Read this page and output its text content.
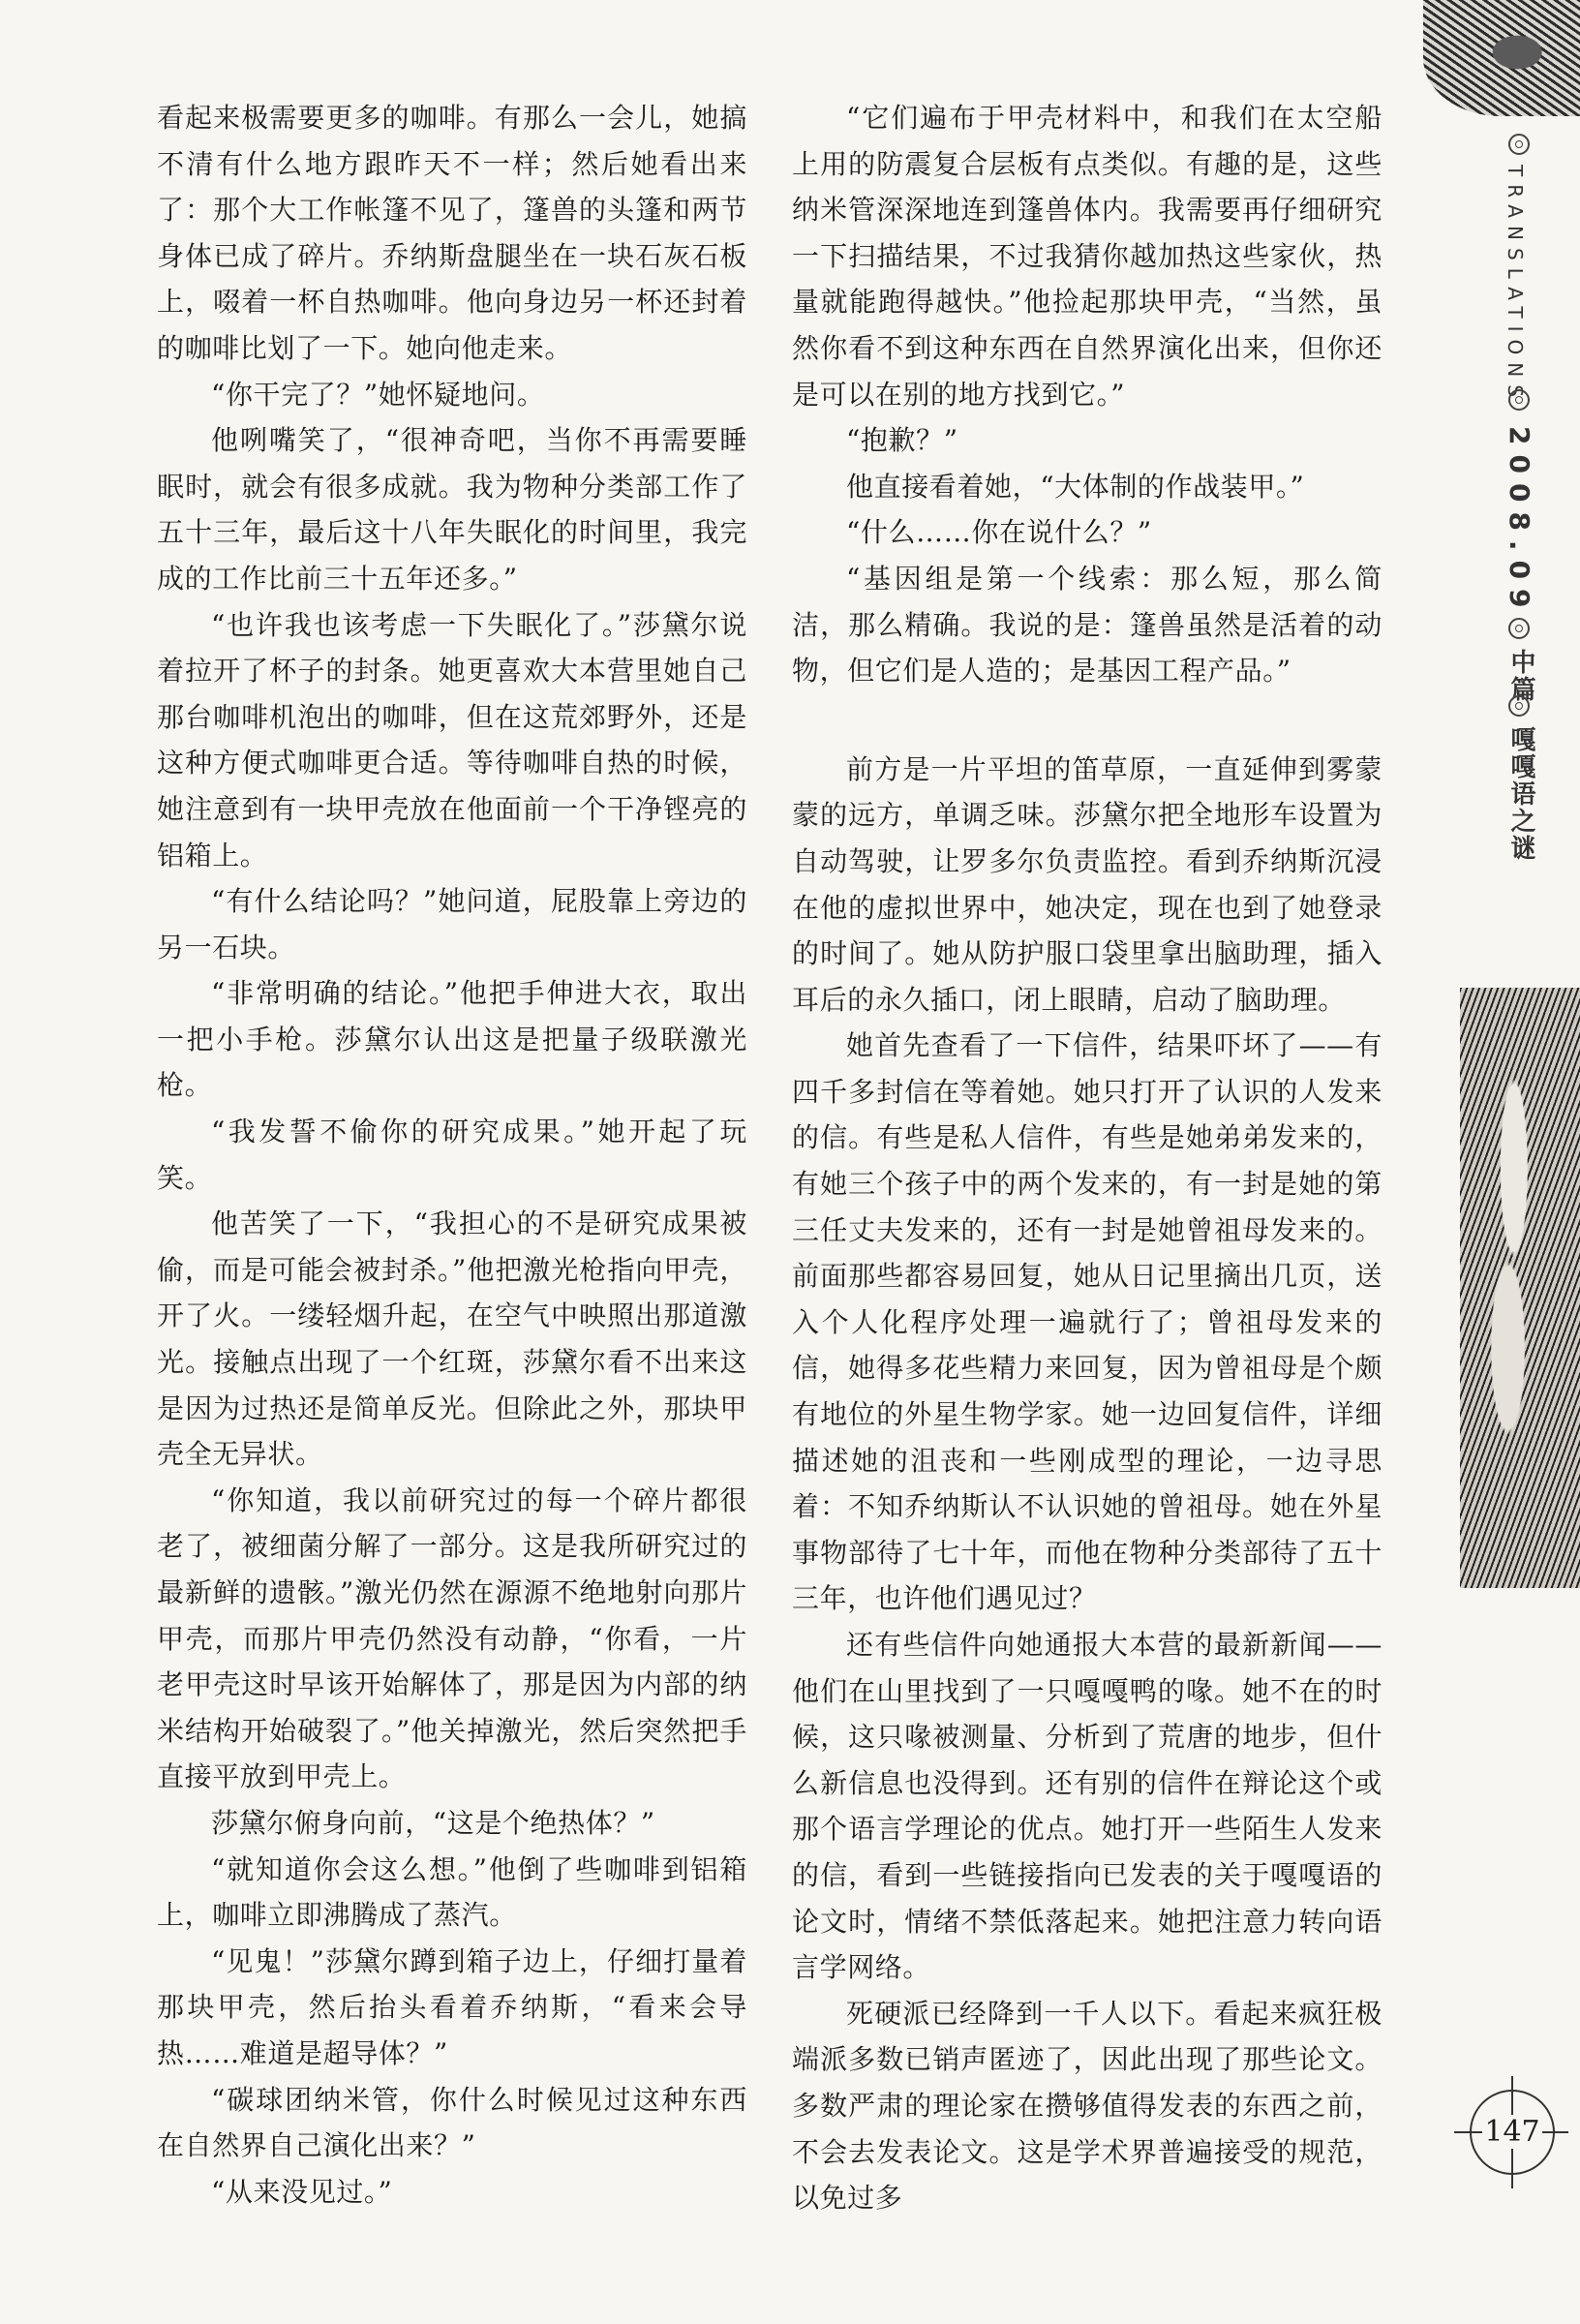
看起来极需要更多的咖啡。有那么一会儿，她搞不清有什么地方跟昨天不一样；然后她看出来了：那个大工作帐篷不见了，篷兽的头篷和两节身体已成了碎片。乔纳斯盘腿坐在一块石灰石板上，啜着一杯自热咖啡。他向身边另一杯还封着的咖啡比划了一下。她向他走来。

“你干完了？”她怀疑地问。

他咧嘴笑了，“很神奇吧，当你不再需要睡眠时，就会有很多成就。我为物种分类部工作了五十三年，最后这十八年失眠化的时间里，我完成的工作比前三十五年还多。”

“也许我也该考虑一下失眠化了。”莎黛尔说着拉开了杯子的封条。她更喜欢大本营里她自己那台咖啡机泡出的咖啡，但在这荒郊野外，还是这种方便式咖啡更合适。等待咖啡自热的时候，她注意到有一块甲壳放在他面前一个干净铿亮的铝箱上。

“有什么结论吗？”她问道，屁股靠上旁边的另一石块。

“非常明确的结论。”他把手伸进大衣，取出一把小手枪。莎黛尔认出这是把量子级联激光枪。

“我发誓不偷你的研究成果。”她开起了玩笑。

他苦笑了一下，“我担心的不是研究成果被偷，而是可能会被封杀。”他把激光枪指向甲壳，开了火。一缕轻烟升起，在空气中映照出那道激光。接触点出现了一个红斑，莎黛尔看不出来这是因为过热还是简单反光。但除此之外，那块甲壳全无异状。

“你知道，我以前研究过的每一个碎片都很老了，被细菌分解了一部分。这是我所研究过的最新鲜的遗骸。”激光仍然在源源不绝地射向那片甲壳，而那片甲壳仍然没有动静，“你看，一片老甲壳这时早该开始解体了，那是因为内部的纳米结构开始破裂了。”他关掉激光，然后突然把手直接平放到甲壳上。

莎黛尔俯身向前，“这是个绝热体？”

“就知道你会这么想。”他倒了些咖啡到铝箱上，咖啡立即沸腾成了蒸汽。

“见鬼！”莎黛尔蹲到箱子边上，仔细打量着那块甲壳，然后抬头看着乔纳斯，“看来会导热……难道是超导体？”

“碳球团纳米管，你什么时候见过这种东西在自然界自己演化出来？”

“从来没见过。”

“它们遍布于甲壳材料中，和我们在太空船上用的防震复合层板有点类似。有趣的是，这些纳米管深深地连到篷兽体内。我需要再仔细研究一下扫描结果，不过我猜你越加热这些家伙，热量就能跑得越快。”他捡起那块甲壳，“当然，虽然你看不到这种东西在自然界演化出来，但你还是可以在别的地方找到它。”

“抱歉？”

他直接看着她，“大体制的作战装甲。”

“什么……你在说什么？”

“基因组是第一个线索：那么短，那么简洁，那么精确。我说的是：篷兽虽然是活着的动物，但它们是人造的；是基因工程产品。”

前方是一片平坦的笛草原，一直延伸到雾蒙蒙的远方，单调乏味。莎黛尔把全地形车设置为自动驾驶，让罗多尔负责监控。看到乔纳斯沉浸在他的虚拟世界中，她决定，现在也到了她登录的时间了。她从防护服口袋里拿出脑助理，插入耳后的永久插口，闭上眼睛，启动了脑助理。

她首先查看了一下信件，结果吓坏了——有四千多封信在等着她。她只打开了认识的人发来的信。有些是私人信件，有些是她弟弟发来的，有她三个孩子中的两个发来的，有一封是她的第三任丈夫发来的，还有一封是她曾祖母发来的。前面那些都容易回复，她从日记里摘出几页，送入个人化程序处理一遍就行了；曾祖母发来的信，她得多花些精力来回复，因为曾祖母是个颇有地位的外星生物学家。她一边回复信件，详细描述她的沮丧和一些刚成型的理论，一边寻思着：不知乔纳斯认不认识她的曾祖母。她在外星事物部待了七十年，而他在物种分类部待了五十三年，也许他们遇见过？

还有些信件向她通报大本营的最新新闻——他们在山里找到了一只嘎嘎鸭的喙。她不在的时候，这只喙被测量、分析到了荒唐的地步，但什么新信息也没得到。还有别的信件在辩论这个或那个语言学理论的优点。她打开一些陌生人发来的信，看到一些链接指向已发表的关于嘎嘎语的论文时，情绪不禁低落起来。她把注意力转向语言学网络。

死硬派已经降到一千人以下。看起来疯狂极端派多数已销声匿迹了，因此出现了那些论文。多数严肃的理论家在攒够值得发表的东西之前，不会去发表论文。这是学术界普遍接受的规范，以免过多

TRANSLATIONS
2008.09
中篇
嘎嘎语之谜
147
